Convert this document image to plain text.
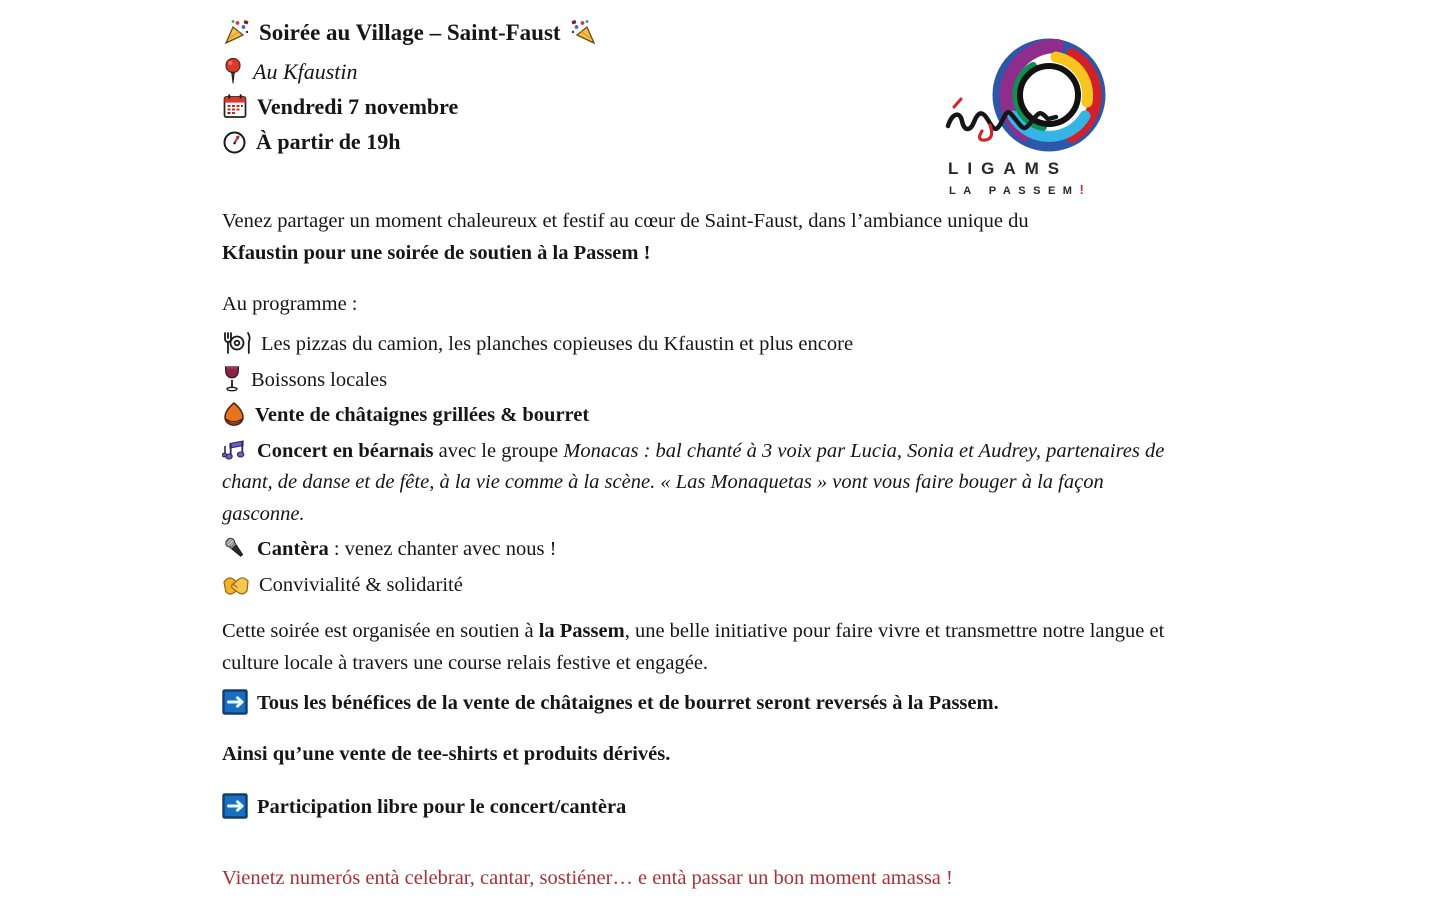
LIGAMS
LA PASSEM!
Soirée au Village – Saint-Faust
Au Kfaustin
Vendredi 7 novembre
À partir de 19h

Venez partager un moment chaleureux et festif au cœur de Saint-Faust, dans l’ambiance unique du
Kfaustin pour une soirée de soutien à la Passem !

Au programme :
Les pizzas du camion, les planches copieuses du Kfaustin et plus encore
Boissons locales
Vente de châtaignes grillées & bourret
Concert en béarnais avec le groupe Monacas : bal chanté à 3 voix par Lucia, Sonia et Audrey, partenaires de chant, de danse et de fête, à la vie comme à la scène. « Las Monaquetas » vont vous faire bouger à la façon gasconne.
Cantèra : venez chanter avec nous !
Convivialité & solidarité

Cette soirée est organisée en soutien à la Passem, une belle initiative pour faire vivre et transmettre notre langue et culture locale à travers une course relais festive et engagée.

Tous les bénéfices de la vente de châtaignes et de bourret seront reversés à la Passem.

Ainsi qu’une vente de tee-shirts et produits dérivés.

Participation libre pour le concert/cantèra

Vienetz numerós entà celebrar, cantar, sostiéner… e entà passar un bon moment amassa !
